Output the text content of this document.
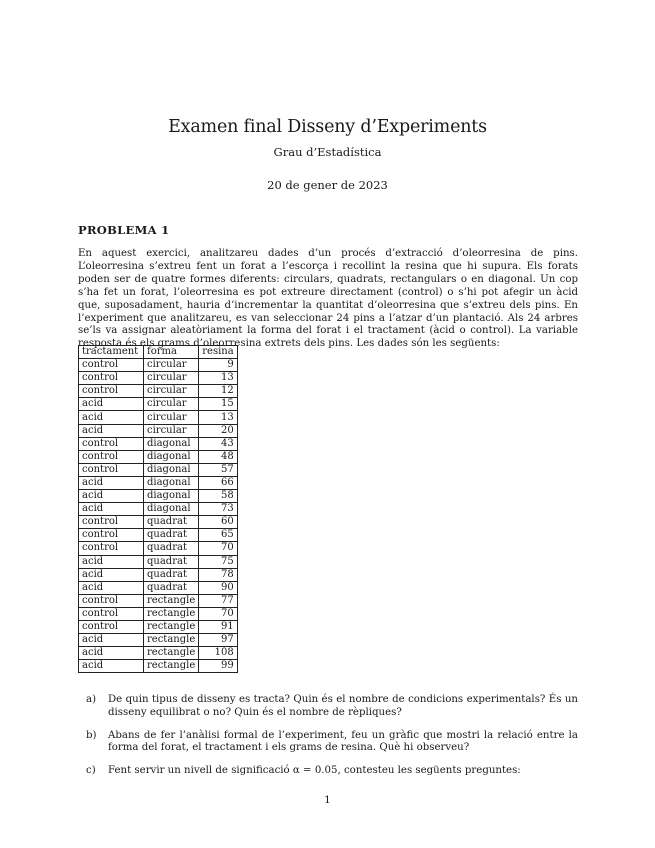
Examen final Disseny d’Experiments
Grau d’Estadística
20 de gener de 2023
PROBLEMA 1

En aquest exercici, analitzareu dades d’un procés d’extracció d’oleorresina de pins. L’oleorresina s’extreu fent un forat a l’escorça i recollint la resina que hi supura. Els forats poden ser de quatre formes diferents: circulars, quadrats, rectangulars o en diagonal. Un cop s’ha fet un forat, l’oleorresina es pot extreure directament (control) o s’hi pot afegir un àcid que, suposadament, hauria d’incrementar la quantitat d’oleorresina que s’extreu dels pins. En l’experiment que analitzareu, es van seleccionar 24 pins a l’atzar d’un plantació. Als 24 arbres se’ls va assignar aleatòriament la forma del forat i el tractament (àcid o control). La variable resposta és els grams d’oleorresina extrets dels pins. Les dades són les següents:

tractament	forma	resina
control	circular	9
control	circular	13
control	circular	12
acid	circular	15
acid	circular	13
acid	circular	20
control	diagonal	43
control	diagonal	48
control	diagonal	57
acid	diagonal	66
acid	diagonal	58
acid	diagonal	73
control	quadrat	60
control	quadrat	65
control	quadrat	70
acid	quadrat	75
acid	quadrat	78
acid	quadrat	90
control	rectangle	77
control	rectangle	70
control	rectangle	91
acid	rectangle	97
acid	rectangle	108
acid	rectangle	99
a) De quin tipus de disseny es tracta? Quin és el nombre de condicions experimentals? És un disseny equilibrat o no? Quin és el nombre de rèpliques?
b) Abans de fer l’anàlisi formal de l’experiment, feu un gràfic que mostri la relació entre la forma del forat, el tractament i els grams de resina. Què hi observeu?
c) Fent servir un nivell de significació α = 0.05, contesteu les següents preguntes:
1
